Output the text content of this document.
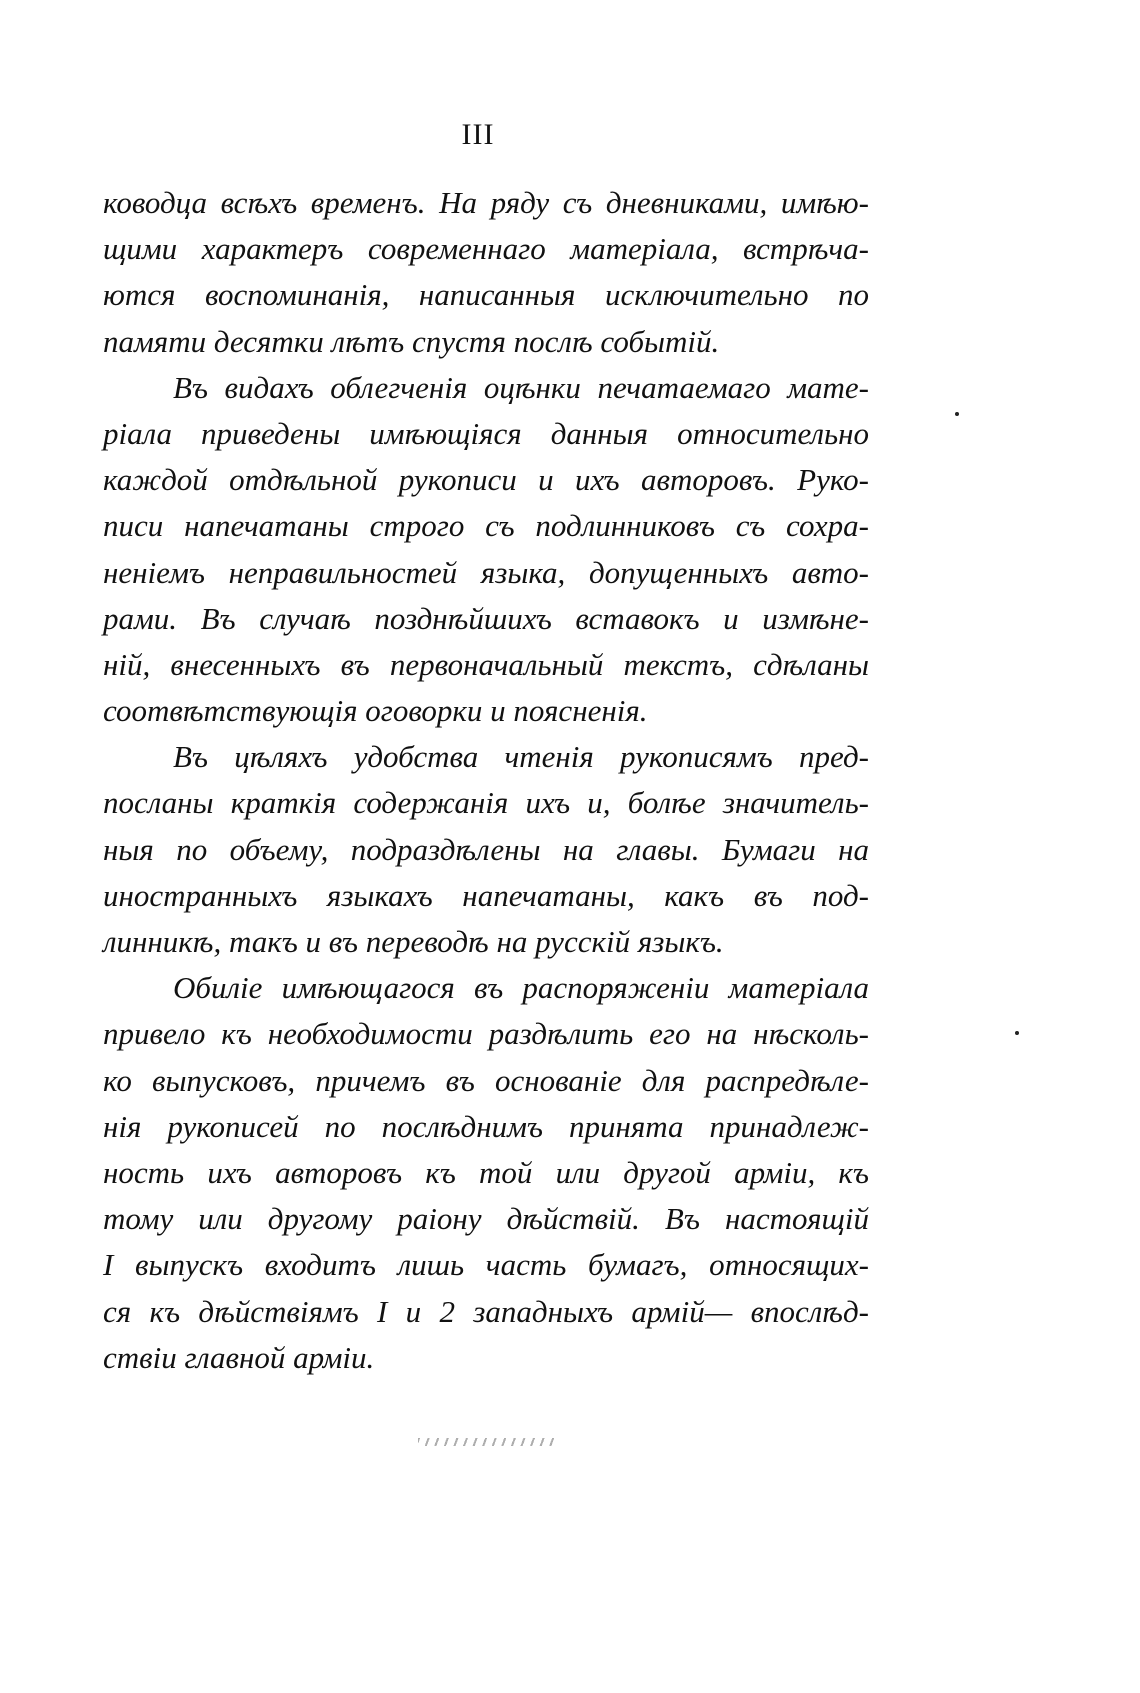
III
ководца всѣхъ временъ. На ряду съ дневниками, имѣю-
щими характеръ современнаго матеріала, встрѣча-
ются воспоминанія, написанныя исключительно по
памяти десятки лѣтъ спустя послѣ событій.
Въ видахъ облегченія оцѣнки печатаемаго мате-
ріала приведены имѣющіяся данныя относительно
каждой отдѣльной рукописи и ихъ авторовъ. Руко-
писи напечатаны строго съ подлинниковъ съ сохра-
неніемъ неправильностей языка, допущенныхъ авто-
рами. Въ случаѣ позднѣйшихъ вставокъ и измѣне-
ній, внесенныхъ въ первоначальный текстъ, сдѣланы
соотвѣтствующія оговорки и поясненія.
Въ цѣляхъ удобства чтенія рукописямъ пред-
посланы краткія содержанія ихъ и, болѣе значитель-
ныя по объему, подраздѣлены на главы. Бумаги на
иностранныхъ языкахъ напечатаны, какъ въ под-
линникѣ, такъ и въ переводѣ на русскій языкъ.
Обиліе имѣющагося въ распоряженіи матеріала
привело къ необходимости раздѣлить его на нѣсколь-
ко выпусковъ, причемъ въ основаніе для распредѣле-
нія рукописей по послѣднимъ принята принадлеж-
ность ихъ авторовъ къ той или другой арміи, къ
тому или другому раіону дѣйствій. Въ настоящій
I выпускъ входитъ лишь часть бумагъ, относящих-
ся къ дѣйствіямъ I и 2 западныхъ армій— впослѣд-
ствіи главной арміи.
